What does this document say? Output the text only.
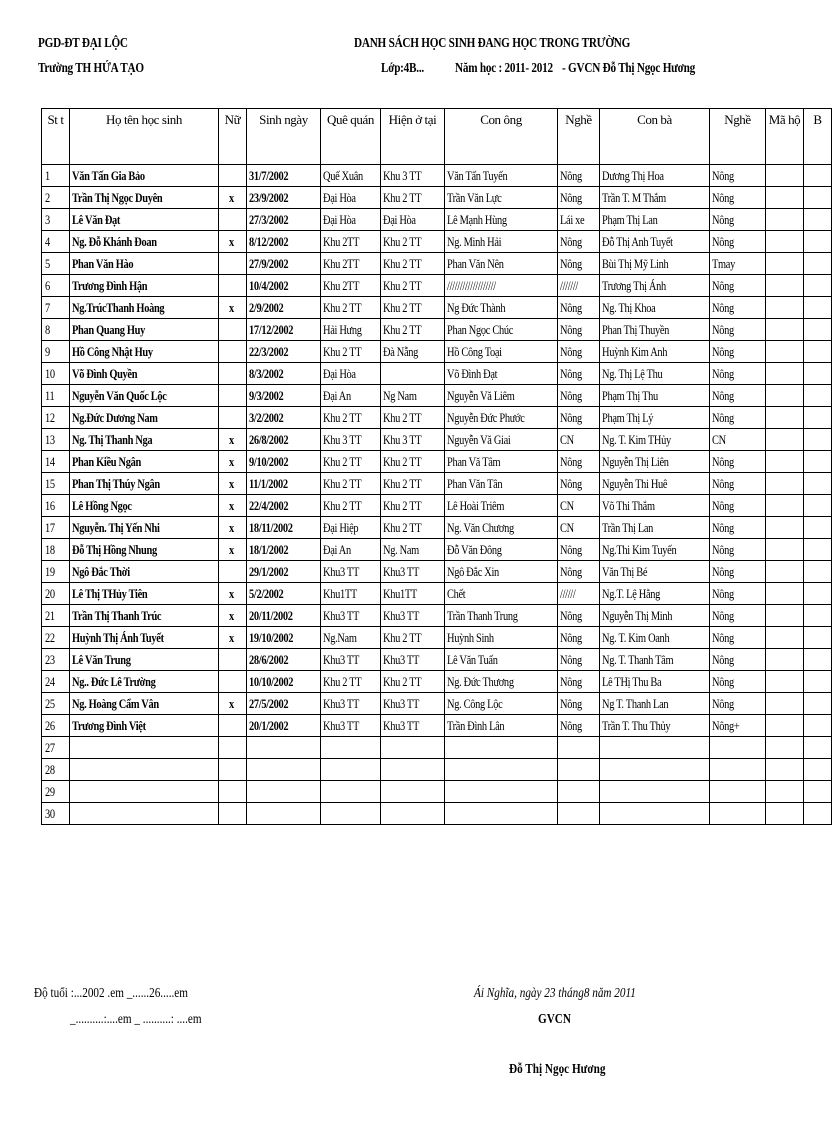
PGD-ĐT ĐẠI LỘC
Trường TH HỨA TẠO
DANH SÁCH HỌC SINH ĐANG HỌC TRONG TRƯỜNG
Lớp:4B...	Năm học : 2011- 2012 - GVCN Đỗ Thị Ngọc Hương
St t	Họ tên học sinh	Nữ	Sinh ngày	Quê quán	Hiện ở tại	Con ông	Nghề	Con bà	Nghề	Mã hộ	B
1	Văn Tấn Gia Bảo		31/7/2002	Quế Xuân	Khu 3 TT	Văn Tấn Tuyến	Nông	Dương Thị Hoa	Nông		
2	Trần Thị Ngọc Duyên	x	23/9/2002	Đại Hòa	Khu 2 TT	Trần Văn Lực	Nông	Trần T. M Thắm	Nông		
3	Lê Văn Đạt		27/3/2002	Đại Hòa	Đại Hòa	Lê Mạnh Hùng	Lái xe	Phạm Thị Lan	Nông		
4	Ng. Đỗ Khánh Đoan	x	8/12/2002	Khu 2TT	Khu 2 TT	Ng. Minh Hải	Nông	Đỗ Thị Anh Tuyết	Nông		
5	Phan Văn Hào		27/9/2002	Khu 2TT	Khu 2 TT	Phan Văn Nên	Nông	Bùi Thị Mỹ Linh	Tmay		
6	Trương Đình Hận		10/4/2002	Khu 2TT	Khu 2 TT	///////////////////	///////	Trương Thị Ánh	Nông		
7	Ng.TrúcThanh Hoàng	x	2/9/2002	Khu 2 TT	Khu 2 TT	Ng Đức Thành	Nông	Ng. Thị Khoa	Nông		
8	Phan Quang Huy		17/12/2002	Hải Hưng	Khu 2 TT	Phan Ngọc Chúc	Nông	Phan Thị Thuyền	Nông		
9	Hồ Công Nhật Huy		22/3/2002	Khu 2 TT	Đà Nẵng	Hồ Công Toại	Nông	Huỳnh Kim Anh	Nông		
10	Võ Đình Quyền		8/3/2002	Đại Hòa		Võ Đình Đạt	Nông	Ng. Thị Lệ Thu	Nông		
11	Nguyễn Văn Quốc Lộc		9/3/2002	Đại An	Ng Nam	Nguyễn Vă Liêm	Nông	Phạm Thị Thu	Nông		
12	Ng.Đức Dương Nam		3/2/2002	Khu 2 TT	Khu 2 TT	Nguyễn Đức Phước	Nông	Phạm Thị Lý	Nông		
13	Ng. Thị Thanh Nga	x	26/8/2002	Khu 3 TT	Khu 3 TT	Nguyễn Vă Giai	CN	Ng. T. Kim THủy	CN		
14	Phan Kiều Ngân	x	9/10/2002	Khu 2 TT	Khu 2 TT	Phan Vă Tâm	Nông	Nguyễn Thị Liên	Nông		
15	Phan Thị Thúy Ngân	x	11/1/2002	Khu 2 TT	Khu 2 TT	Phan Văn Tân	Nông	Nguyễn Thi Huê	Nông		
16	Lê Hồng Ngọc	x	22/4/2002	Khu 2 TT	Khu 2 TT	Lê Hoài Triêm	CN	Võ Thi Thắm	Nông		
17	Nguyễn. Thị Yến Nhi	x	18/11/2002	Đại Hiệp	Khu 2 TT	Ng. Văn Chương	CN	Trần Thị Lan	Nông		
18	Đỗ Thị Hồng Nhung	x	18/1/2002	Đại An	Ng. Nam	Đỗ Văn Đông	Nông	Ng.Thi Kim Tuyến	Nông		
19	Ngô Đắc Thời		29/1/2002	Khu3 TT	Khu3 TT	Ngô Đắc Xin	Nông	Văn Thị Bé	Nông		
20	Lê Thị THủy Tiên	x	5/2/2002	Khu1TT	Khu1TT	Chết	//////	Ng.T. Lệ Hằng	Nông		
21	Trần Thị Thanh Trúc	x	20/11/2002	Khu3 TT	Khu3 TT	Trần Thanh Trung	Nông	Nguyễn Thị Minh	Nông		
22	Huỳnh Thị Ánh Tuyết	x	19/10/2002	Ng.Nam	Khu 2 TT	Huỳnh Sinh	Nông	Ng. T. Kim Oanh	Nông		
23	Lê Văn Trung		28/6/2002	Khu3 TT	Khu3 TT	Lê Văn Tuấn	Nông	Ng. T. Thanh Tâm	Nông		
24	Ng.. Đức Lê Trường		10/10/2002	Khu 2 TT	Khu 2 TT	Ng. Đức Thương	Nông	Lê THị Thu Ba	Nông		
25	Ng. Hoàng Cẩm Vân	x	27/5/2002	Khu3 TT	Khu3 TT	Ng. Công Lộc	Nông	Ng T. Thanh Lan	Nông		
26	Trương Đình Việt		20/1/2002	Khu3 TT	Khu3 TT	Trần Đình Lân	Nông	Trần T. Thu Thủy	Nông+		
27											
28											
29											
30											
Độ tuổi :...2002 .em _......26.....em
_..........:....em _ ..........: ....em
Ái Nghĩa, ngày 23 tháng8 năm 2011
GVCN
Đỗ Thị Ngọc Hương
